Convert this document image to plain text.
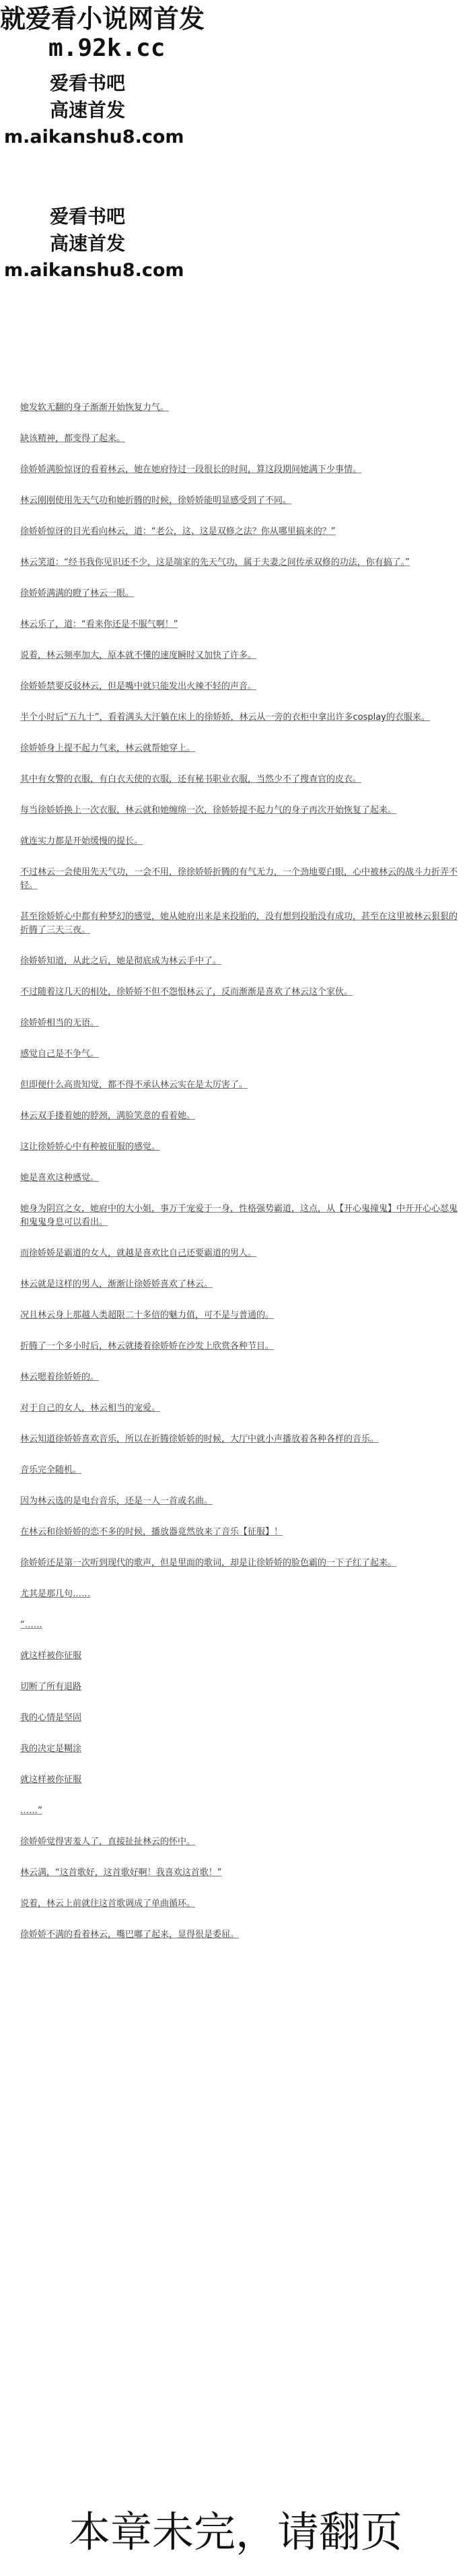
就爱看小说网首发
m.92k.cc
爱看书吧
高速首发
m.aikanshu8.com
爱看书吧
高速首发
m.aikanshu8.com
她发软无翻的身子渐渐开始恢复力气。
缺该精神，都变得了起来。
徐娇娇满脸惊讶的看着林云，她在她府待过一段很长的时间，算这段期间她满下少事情。
林云刚刚使用先天气功和她折腾的时候，徐娇娇能明显感受到了不同。
徐娇娇惊讶的目光看向林云，道：“老公，这、这是双修之法？你从哪里搞来的？”
林云笑道：“经书我你见识还不少，这是端家的先天气功，属于夫妻之间传承双修的功法，你有搞了。”
徐娇娇满满的瞪了林云一眼。
林云乐了，道：“看来你还是不服气啊！”
说着，林云频率加大，原本就不懂的速度瞬时又加快了许多。
徐娇娇禁要反驳林云，但是嘴中就只能发出火辣不轻的声音。
半个小时后“五九十”，看着满头大汗躺在床上的徐娇娇，林云从一旁的衣柜中拿出许多cosplay的衣服来。
徐娇娇身上提不起力气来，林云就帮她穿上。
其中有女警的衣服，有白衣天使的衣服，还有秘书职业衣服，当然少不了搜查官的皮衣。
每当徐娇娇换上一次衣服，林云就和她缠绵一次，徐娇娇提不起力气的身子再次开始恢复了起来。
就连实力都是开始缓慢的提长。
不过林云一会使用先天气功，一会不用，徐徐娇娇折腾的有气无力，一个劲地要白眼，心中被林云的战斗力折弄不轻。
甚至徐娇娇心中都有种梦幻的感觉，她从她府出来是来投胎的，没有想到投胎没有成功，甚至在这里被林云狠狠的折腾了三天三夜。
徐娇娇知道，从此之后，她是彻底成为林云手中了。
不过随着这几天的相处，徐娇娇不但不怨恨林云了，反而渐渐是喜欢了林云这个家伙。
徐娇娇相当的无语。
感觉自己是不争气。
但即便什么高贵知觉，都不得不承认林云实在是太厉害了。
林云双手搂着她的脖颈，满脸笑意的看着她。
这让徐娇娇心中有种被征服的感觉。
她是喜欢这种感觉。
她身为阴宫之女，她府中的大小姐，事万千宠爱于一身，性格强势霸道，这点，从【开心鬼撞鬼】中开开心心怼鬼和鬼鬼身息可以看出。
而徐娇娇是霸道的女人，就越是喜欢比自己还要霸道的男人。
林云就是这样的男人，渐渐让徐娇娇喜欢了林云。
况且林云身上那越人类超限二十多倍的魅力值，可不是与普通的。
折腾了一个多小时后，林云就搂着徐娇娇在沙发上欣赏各种节目。
林云嗯着徐娇娇的。
对于自己的女人，林云相当的宠爱。
林云知道徐娇娇喜欢音乐，所以在折腾徐娇娇的时候，大厅中就小声播放着各种各样的音乐。
音乐完全随机。
因为林云选的是电台音乐，还是一人一首或名曲。
在林云和徐娇娇的恋不多的时候，播放器竟然放来了音乐【征服】！
徐娇娇还是第一次听到现代的歌声，但是里面的歌词，却是让徐娇娇的脸色霸的一下子红了起来。
尤其是那几句……
“……
就这样被你征服
切断了所有退路
我的心情是坚固
我的决定是糊涂
就这样被你征服
……”
徐娇娇觉得害羞人了，直接扯扯林云的怀中。
林云满，“这首歌好，这首歌好啊！我喜欢这首歌！”
说着，林云上前就往这首歌调成了单曲循环。
徐娇娇不满的看着林云，嘴巴嘟了起来，显得很是委屈。
本章未完，请翻页
